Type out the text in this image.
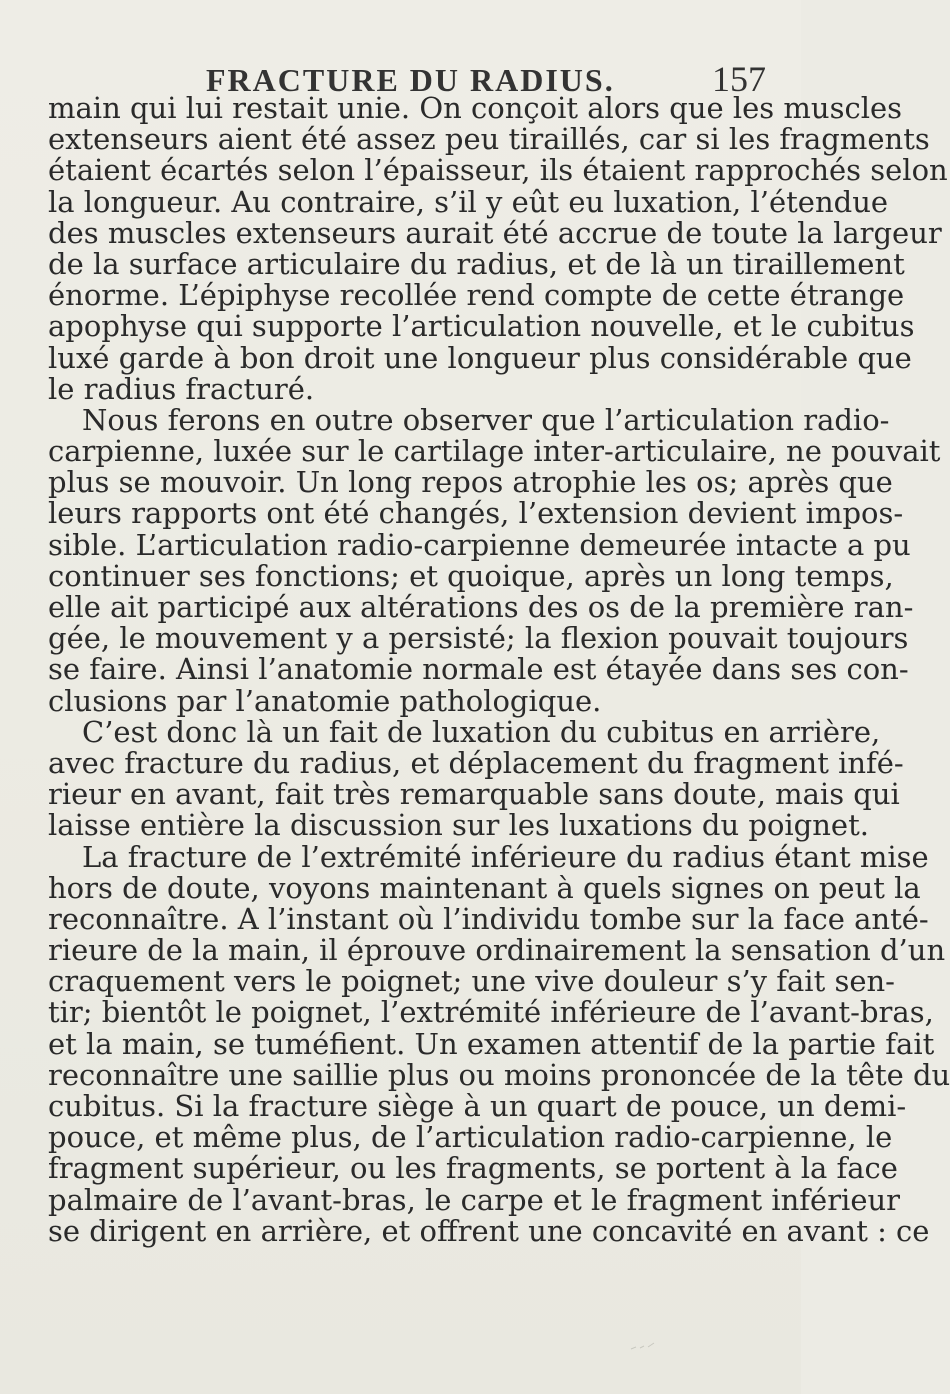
FRACTURE DU RADIUS.	157
main qui lui restait unie. On conçoit alors que les muscles
extenseurs aient été assez peu tiraillés, car si les fragments
étaient écartés selon l’épaisseur, ils étaient rapprochés selon
la longueur. Au contraire, s’il y eût eu luxation, l’étendue
des muscles extenseurs aurait été accrue de toute la largeur
de la surface articulaire du radius, et de là un tiraillement
énorme. L’épiphyse recollée rend compte de cette étrange
apophyse qui supporte l’articulation nouvelle, et le cubitus
luxé garde à bon droit une longueur plus considérable que
le radius fracturé.
Nous ferons en outre observer que l’articulation radio-
carpienne, luxée sur le cartilage inter-articulaire, ne pouvait
plus se mouvoir. Un long repos atrophie les os; après que
leurs rapports ont été changés, l’extension devient impos-
sible. L’articulation radio-carpienne demeurée intacte a pu
continuer ses fonctions; et quoique, après un long temps,
elle ait participé aux altérations des os de la première ran-
gée, le mouvement y a persisté; la flexion pouvait toujours
se faire. Ainsi l’anatomie normale est étayée dans ses con-
clusions par l’anatomie pathologique.
C’est donc là un fait de luxation du cubitus en arrière,
avec fracture du radius, et déplacement du fragment infé-
rieur en avant, fait très remarquable sans doute, mais qui
laisse entière la discussion sur les luxations du poignet.
La fracture de l’extrémité inférieure du radius étant mise
hors de doute, voyons maintenant à quels signes on peut la
reconnaître. A l’instant où l’individu tombe sur la face anté-
rieure de la main, il éprouve ordinairement la sensation d’un
craquement vers le poignet; une vive douleur s’y fait sen-
tir; bientôt le poignet, l’extrémité inférieure de l’avant-bras,
et la main, se tuméfient. Un examen attentif de la partie fait
reconnaître une saillie plus ou moins prononcée de la tête du
cubitus. Si la fracture siège à un quart de pouce, un demi-
pouce, et même plus, de l’articulation radio-carpienne, le
fragment supérieur, ou les fragments, se portent à la face
palmaire de l’avant-bras, le carpe et le fragment inférieur
se dirigent en arrière, et offrent une concavité en avant : ce
